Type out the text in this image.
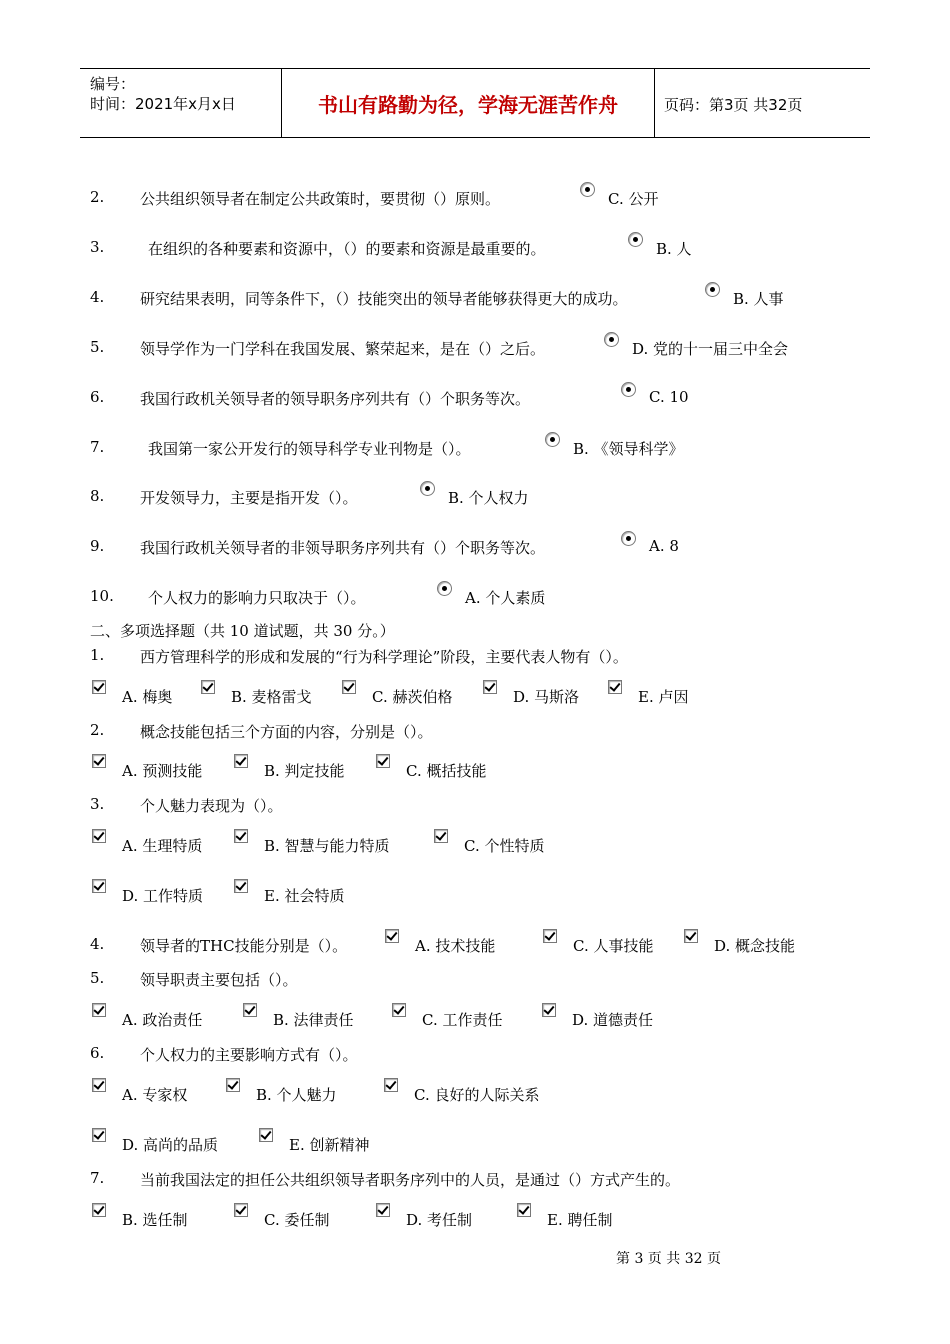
编号：
时间：2021年x月x日	书山有路勤为径，学海无涯苦作舟	页码：第3页 共32页
2. 公共组织领导者在制定公共政策时，要贯彻（）原则。	C. 公开
3.	在组织的各种要素和资源中，（）的要素和资源是最重要的。	B. 人
4. 研究结果表明，同等条件下，（）技能突出的领导者能够获得更大的成功。	B. 人事
5. 领导学作为一门学科在我国发展、繁荣起来，是在（）之后。	D. 党的十一届三中全会
6. 我国行政机关领导者的领导职务序列共有（）个职务等次。	C. 10
7.	我国第一家公开发行的领导科学专业刊物是（）。	B. 《领导科学》
8. 开发领导力，主要是指开发（）。	B. 个人权力
9. 我国行政机关领导者的非领导职务序列共有（）个职务等次。	A. 8
10. 个人权力的影响力只取决于（）。	A. 个人素质
二、多项选择题（共 10 道试题，共 30 分。）
1. 西方管理科学的形成和发展的“行为科学理论”阶段，主要代表人物有（）。
A. 梅奥	B. 麦格雷戈	C. 赫茨伯格	D. 马斯洛	E. 卢因
2. 概念技能包括三个方面的内容，分别是（）。
A. 预测技能	B. 判定技能	C. 概括技能
3. 个人魅力表现为（）。
A. 生理特质	B. 智慧与能力特质	C. 个性特质
D. 工作特质	E. 社会特质
4. 领导者的THC技能分别是（）。	A. 技术技能	C. 人事技能	D. 概念技能
5. 领导职责主要包括（）。
A. 政治责任	B. 法律责任	C. 工作责任	D. 道德责任
6. 个人权力的主要影响方式有（）。
A. 专家权	B. 个人魅力	C. 良好的人际关系
D. 高尚的品质	E. 创新精神
7. 当前我国法定的担任公共组织领导者职务序列中的人员，是通过（）方式产生的。
B. 选任制	C. 委任制	D. 考任制	E. 聘任制
第 3 页 共 32 页
